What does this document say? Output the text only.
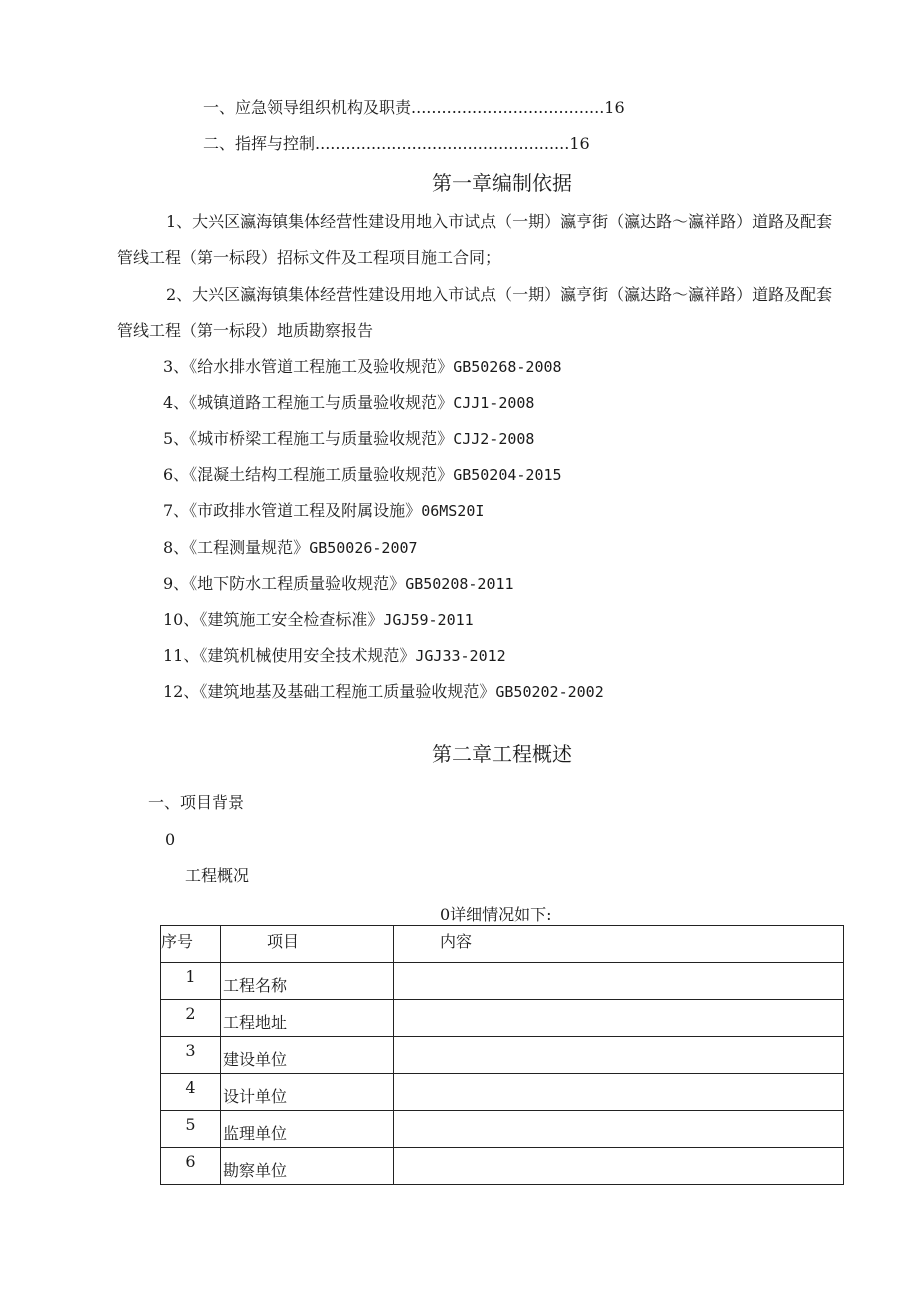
一、应急领导组织机构及职责......................................16
二、指挥与控制..................................................16
第一章编制依据
1、大兴区瀛海镇集体经营性建设用地入市试点（一期）瀛亨街（瀛达路～瀛祥路）道路及配套
管线工程（第一标段）招标文件及工程项目施工合同；
2、大兴区瀛海镇集体经营性建设用地入市试点（一期）瀛亨街（瀛达路～瀛祥路）道路及配套
管线工程（第一标段）地质勘察报告
3、《给水排水管道工程施工及验收规范》GB50268-2008
4、《城镇道路工程施工与质量验收规范》CJJ1-2008
5、《城市桥梁工程施工与质量验收规范》CJJ2-2008
6、《混凝土结构工程施工质量验收规范》GB50204-2015
7、《市政排水管道工程及附属设施》06MS20I
8、《工程测量规范》GB50026-2007
9、《地下防水工程质量验收规范》GB50208-2011
10、《建筑施工安全检查标准》JGJ59-2011
11、《建筑机械使用安全技术规范》JGJ33-2012
12、《建筑地基及基础工程施工质量验收规范》GB50202-2002
第二章工程概述
一、项目背景
0
工程概况
0详细情况如下:
序号	项目	内容

1	工程名称	

2	工程地址	

3	建设单位	

4	设计单位	

5	监理单位	

6	勘察单位	
